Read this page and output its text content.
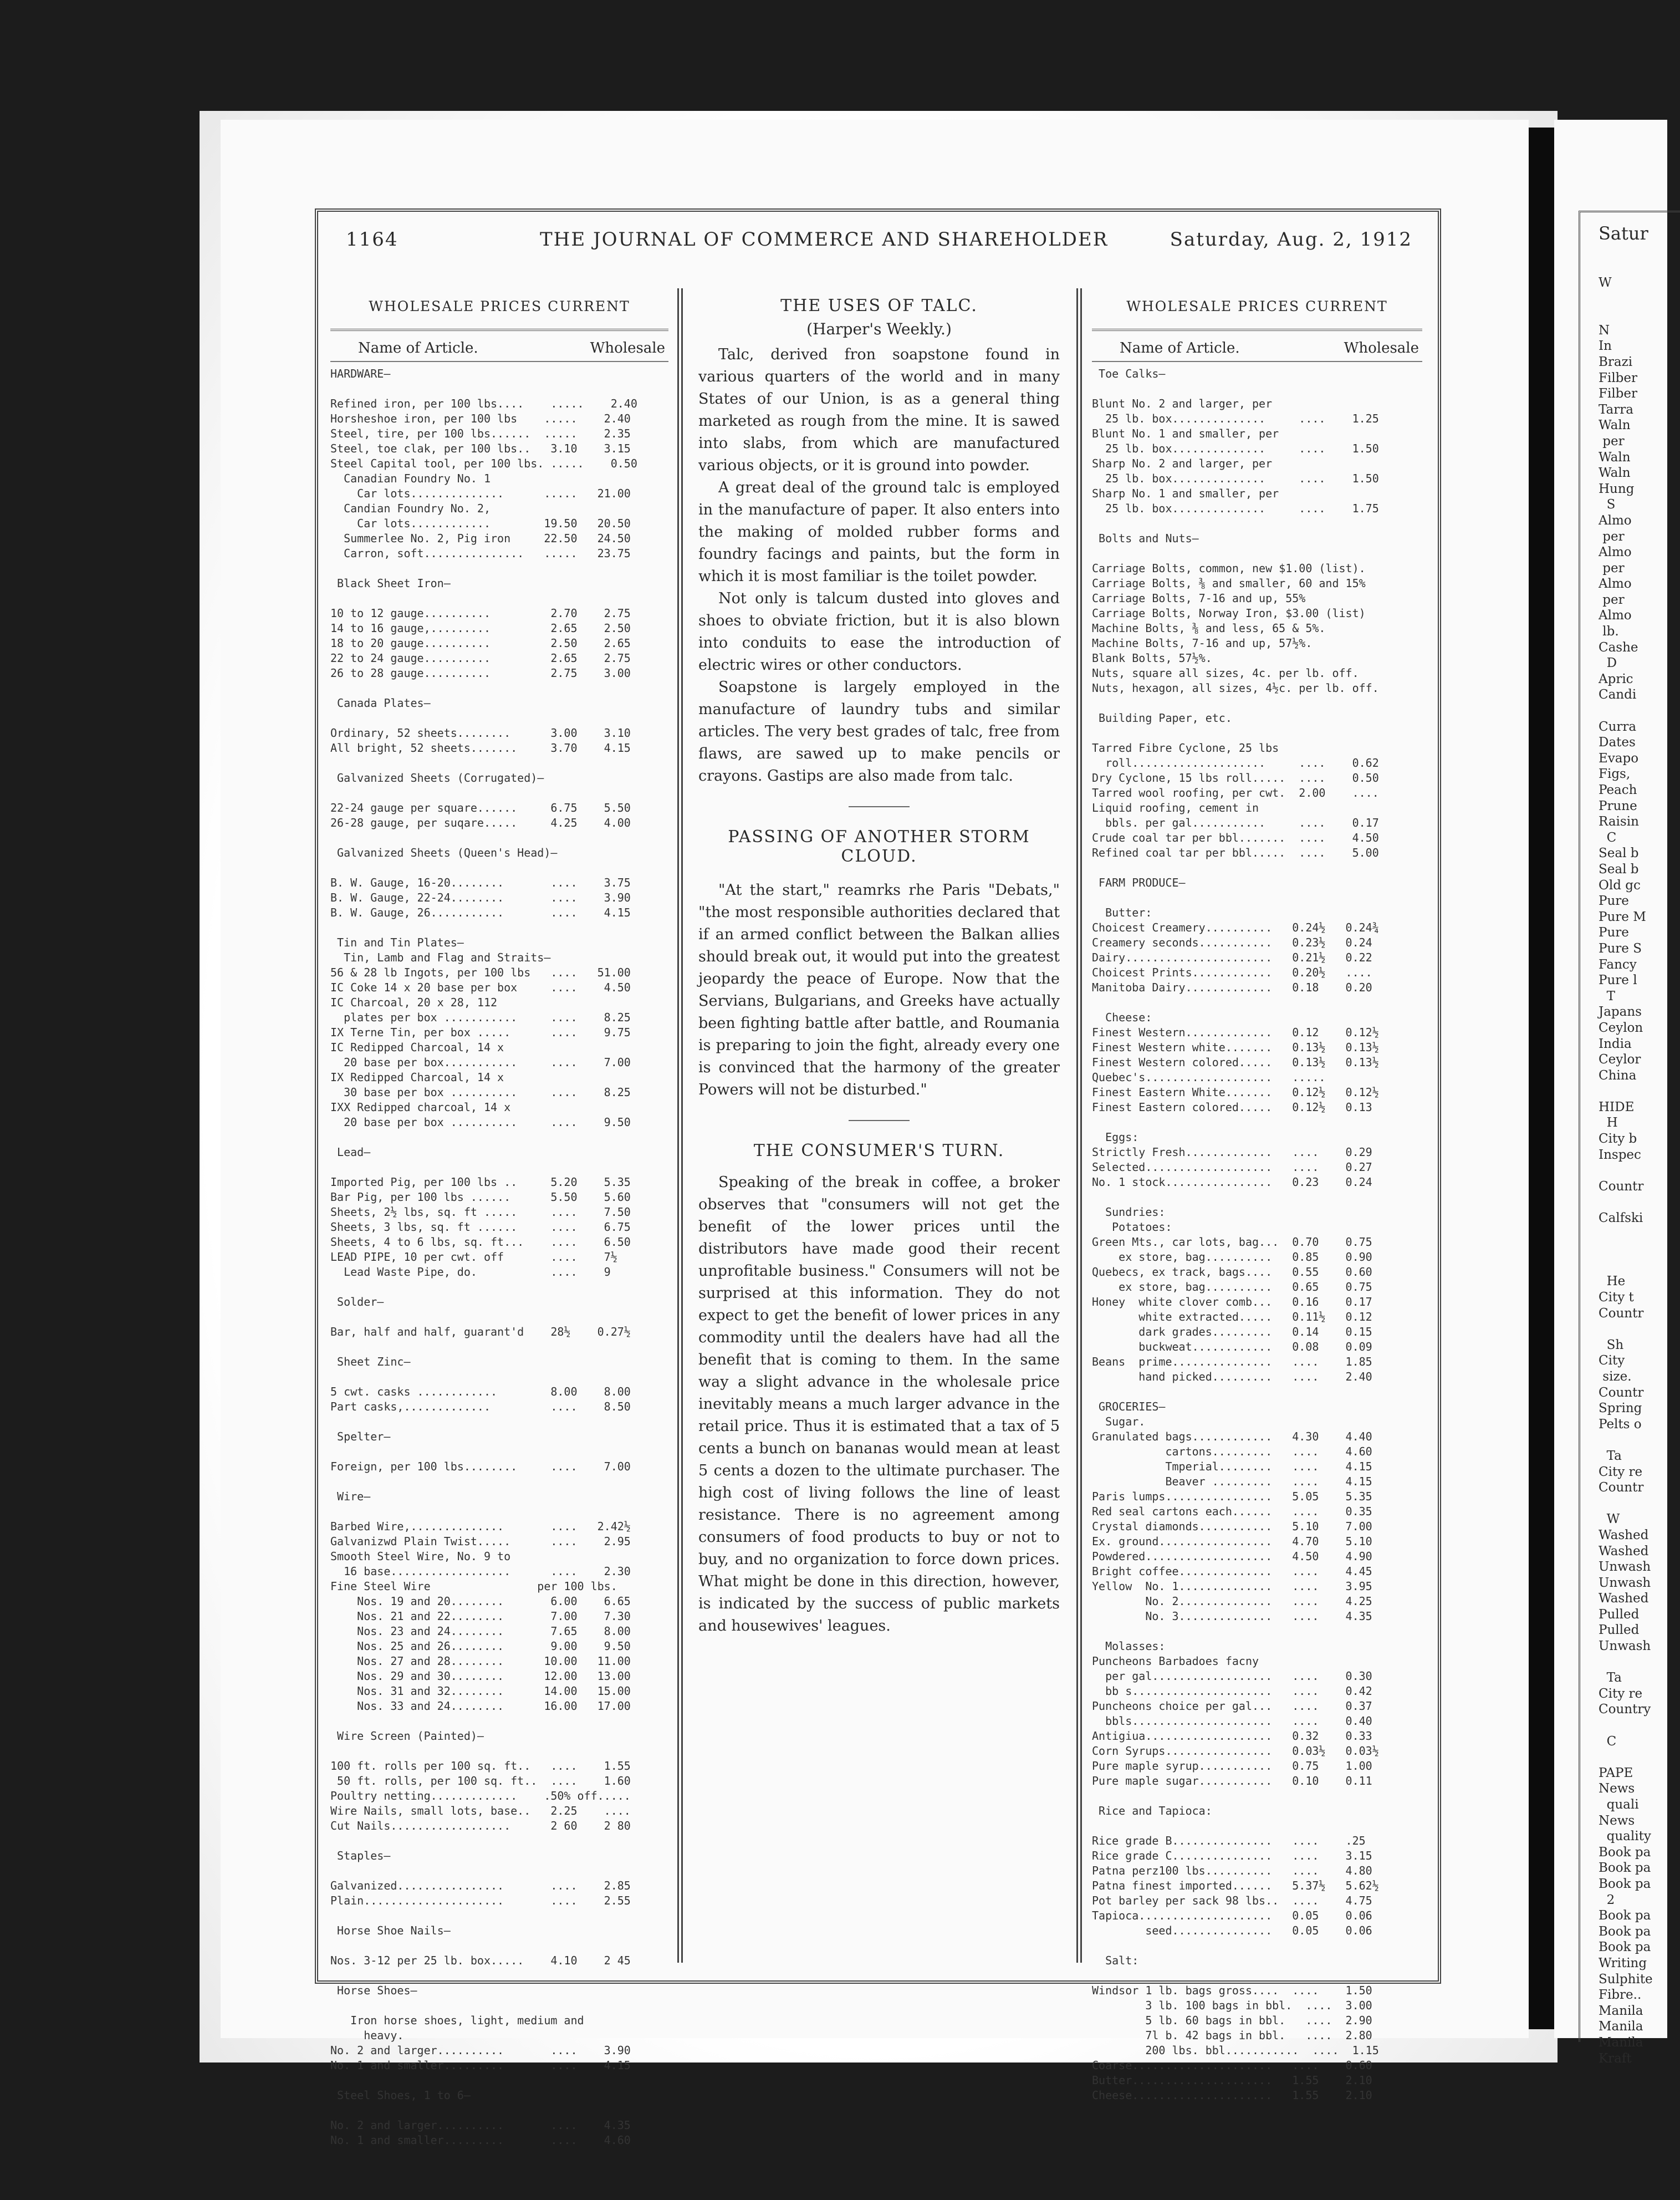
1164	THE JOURNAL OF COMMERCE AND SHAREHOLDER	Saturday, Aug. 2, 1912
WHOLESALE PRICES CURRENT
Name of Article.	Wholesale
HARDWARE—

Refined iron, per 100 lbs....    .....    2.40
Horsheshoe iron, per 100 lbs    .....    2.40
Steel, tire, per 100 lbs......  .....    2.35
Steel, toe clak, per 100 lbs..   3.10    3.15
Steel Capital tool, per 100 lbs. .....    0.50
Canadian Foundry No. 1
Car lots..............      .....   21.00
Candian Foundry No. 2,
Car lots............        19.50   20.50
Summerlee No. 2, Pig iron     22.50   24.50
Carron, soft...............   .....   23.75

Black Sheet Iron—

10 to 12 gauge..........         2.70    2.75
14 to 16 gauge,.........         2.65    2.50
18 to 20 gauge..........         2.50    2.65
22 to 24 gauge..........         2.65    2.75
26 to 28 gauge..........         2.75    3.00

Canada Plates—

Ordinary, 52 sheets........      3.00    3.10
All bright, 52 sheets.......     3.70    4.15

Galvanized Sheets (Corrugated)—

22-24 gauge per square......     6.75    5.50
26-28 gauge, per suqare.....     4.25    4.00

Galvanized Sheets (Queen's Head)—

B. W. Gauge, 16-20........       ....    3.75
B. W. Gauge, 22-24........       ....    3.90
B. W. Gauge, 26...........       ....    4.15

Tin and Tin Plates—
Tin, Lamb and Flag and Straits—
56 & 28 lb Ingots, per 100 lbs   ....   51.00
IC Coke 14 x 20 base per box     ....    4.50
IC Charcoal, 20 x 28, 112
plates per box ...........     ....    8.25
IX Terne Tin, per box .....      ....    9.75
IC Redipped Charcoal, 14 x
20 base per box...........     ....    7.00
IX Redipped Charcoal, 14 x
30 base per box ..........     ....    8.25
IXX Redipped charcoal, 14 x
20 base per box ..........     ....    9.50

Lead—

Imported Pig, per 100 lbs ..     5.20    5.35
Bar Pig, per 100 lbs ......      5.50    5.60
Sheets, 2½ lbs, sq. ft .....     ....    7.50
Sheets, 3 lbs, sq. ft ......     ....    6.75
Sheets, 4 to 6 lbs, sq. ft...    ....    6.50
LEAD PIPE, 10 per cwt. off       ....    7½
Lead Waste Pipe, do.           ....    9

Solder—

Bar, half and half, guarant'd    28½    0.27½

Sheet Zinc—

5 cwt. casks ............        8.00    8.00
Part casks,.............         ....    8.50

Spelter—

Foreign, per 100 lbs........     ....    7.00

Wire—

Barbed Wire,..............       ....   2.42½
Galvanizwd Plain Twist.....      ....    2.95
Smooth Steel Wire, No. 9 to
16 base..................      ....    2.30
Fine Steel Wire                per 100 lbs.
Nos. 19 and 20........       6.00    6.65
Nos. 21 and 22........       7.00    7.30
Nos. 23 and 24........       7.65    8.00
Nos. 25 and 26........       9.00    9.50
Nos. 27 and 28........      10.00   11.00
Nos. 29 and 30........      12.00   13.00
Nos. 31 and 32........      14.00   15.00
Nos. 33 and 24........      16.00   17.00

Wire Screen (Painted)—

100 ft. rolls per 100 sq. ft..   ....    1.55
50 ft. rolls, per 100 sq. ft..  ....    1.60
Poultry netting.............    .50% off.....
Wire Nails, small lots, base..   2.25    ....
Cut Nails..................      2 60    2 80

Staples—

Galvanized................       ....    2.85
Plain.....................       ....    2.55

Horse Shoe Nails—

Nos. 3-12 per 25 lb. box.....    4.10    2 45

Horse Shoes—

Iron horse shoes, light, medium and
heavy.
No. 2 and larger..........       ....    3.90
No. 1 and smaller.........       ....    4.15

Steel Shoes, 1 to 6—

No. 2 and larger..........       ....    4.35
No. 1 and smaller.........       ....    4.60
THE USES OF TALC.
(Harper's Weekly.)

Talc, derived fron soapstone found in various quarters of the world and in many States of our Union, is as a general thing marketed as rough from the mine. It is sawed into slabs, from which are manufactured various objects, or it is ground into powder.

A great deal of the ground talc is employed in the manufacture of paper. It also enters into the making of molded rubber forms and foundry facings and paints, but the form in which it is most familiar is the toilet powder.

Not only is talcum dusted into gloves and shoes to obviate friction, but it is also blown into conduits to ease the introduction of electric wires or other conductors.

Soapstone is largely employed in the manufacture of laundry tubs and similar articles. The very best grades of talc, free from flaws, are sawed up to make pencils or crayons. Gastips are also made from talc.

PASSING OF ANOTHER STORM CLOUD.

"At the start," reamrks rhe Paris "Debats," "the most responsible authorities declared that if an armed conflict between the Balkan allies should break out, it would put into the greatest jeopardy the peace of Europe. Now that the Servians, Bulgarians, and Greeks have actually been fighting battle after battle, and Roumania is preparing to join the fight, already every one is convinced that the harmony of the greater Powers will not be disturbed."

THE CONSUMER'S TURN.

Speaking of the break in coffee, a broker observes that "consumers will not get the benefit of the lower prices until the distributors have made good their recent unprofitable business." Consumers will not be surprised at this information. They do not expect to get the benefit of lower prices in any commodity until the dealers have had all the benefit that is coming to them. In the same way a slight advance in the wholesale price inevitably means a much larger advance in the retail price. Thus it is estimated that a tax of 5 cents a bunch on bananas would mean at least 5 cents a dozen to the ultimate purchaser. The high cost of living follows the line of least resistance. There is no agreement among consumers of food products to buy or not to buy, and no organization to force down prices. What might be done in this direction, however, is indicated by the success of public markets and housewives' leagues.

WHOLESALE PRICES CURRENT
Name of Article.	Wholesale
Toe Calks—

Blunt No. 2 and larger, per
25 lb. box..............     ....    1.25
Blunt No. 1 and smaller, per
25 lb. box..............     ....    1.50
Sharp No. 2 and larger, per
25 lb. box..............     ....    1.50
Sharp No. 1 and smaller, per
25 lb. box..............     ....    1.75

Bolts and Nuts—

Carriage Bolts, common, new $1.00 (list).
Carriage Bolts, ⅜ and smaller, 60 and 15%
Carriage Bolts, 7-16 and up, 55%
Carriage Bolts, Norway Iron, $3.00 (list)
Machine Bolts, ⅜ and less, 65 & 5%.
Machine Bolts, 7-16 and up, 57½%.
Blank Bolts, 57½%.
Nuts, square all sizes, 4c. per lb. off.
Nuts, hexagon, all sizes, 4½c. per lb. off.

Building Paper, etc.

Tarred Fibre Cyclone, 25 lbs
roll....................     ....    0.62
Dry Cyclone, 15 lbs roll.....  ....    0.50
Tarred wool roofing, per cwt.  2.00    ....
Liquid roofing, cement in
bbls. per gal...........     ....    0.17
Crude coal tar per bbl.......  ....    4.50
Refined coal tar per bbl.....  ....    5.00

FARM PRODUCE—

Butter:
Choicest Creamery..........   0.24½   0.24¾
Creamery seconds...........   0.23½   0.24
Dairy......................   0.21½   0.22
Choicest Prints............   0.20½   ....
Manitoba Dairy.............   0.18    0.20

Cheese:
Finest Western.............   0.12    0.12½
Finest Western white.......   0.13½   0.13½
Finest Western colored.....   0.13½   0.13½
Quebec's...................   .....
Finest Eastern White.......   0.12½   0.12½
Finest Eastern colored.....   0.12½   0.13

Eggs:
Strictly Fresh.............   ....    0.29
Selected...................   ....    0.27
No. 1 stock................   0.23    0.24

Sundries:
Potatoes:
Green Mts., car lots, bag...  0.70    0.75
ex store, bag..........   0.85    0.90
Quebecs, ex track, bags....   0.55    0.60
ex store, bag..........   0.65    0.75
Honey  white clover comb...   0.16    0.17
white extracted.....   0.11½   0.12
dark grades.........   0.14    0.15
buckweat............   0.08    0.09
Beans  prime...............   ....    1.85
hand picked.........   ....    2.40

GROCERIES—
Sugar.
Granulated bags............   4.30    4.40
cartons.........   ....    4.60
Tmperial........   ....    4.15
Beaver .........   ....    4.15
Paris lumps................   5.05    5.35
Red seal cartons each......   ....    0.35
Crystal diamonds...........   5.10    7.00
Ex. ground.................   4.70    5.10
Powdered...................   4.50    4.90
Bright coffee..............   ....    4.45
Yellow  No. 1..............   ....    3.95
No. 2..............   ....    4.25
No. 3..............   ....    4.35

Molasses:
Puncheons Barbadoes facny
per gal..................   ....    0.30
bb s.....................   ....    0.42
Puncheons choice per gal...   ....    0.37
bbls.....................   ....    0.40
Antigiua...................   0.32    0.33
Corn Syrups................   0.03½   0.03½
Pure maple syrup...........   0.75    1.00
Pure maple sugar...........   0.10    0.11

Rice and Tapioca:

Rice grade B...............   ....    .25
Rice grade C...............   ....    3.15
Patna perz100 lbs..........   ....    4.80
Patna finest imported......   5.37½   5.62½
Pot barley per sack 98 lbs..  ....    4.75
Tapioca....................   0.05    0.06
seed...............   0.05    0.06

Salt:

Windsor 1 lb. bags gross....  ....    1.50
3 lb. 100 bags in bbl.  ....  3.00
5 lb. 60 bags in bbl.   ....  2.90
7l b. 42 bags in bbl.   ....  2.80
200 lbs. bbl...........  ....  1.15
Coarse.....................   ....    0.60
Butter.....................   1.55    2.10
Cheese.....................   1.55    2.10
Satur
W

N
In
Brazi
Filber
Filber
Tarra
Waln
per
Waln
Waln
Hung
S
Almo
per
Almo
per
Almo
per
Almo
lb.
Cashe
D
Apric
Candi

Curra
Dates
Evapo
Figs,
Peach
Prune
Raisin
C
Seal b
Seal b
Old gc
Pure
Pure M
Pure
Pure S
Fancy
Pure l
T
Japans
Ceylon
India
Ceylor
China

HIDE
H
City b
Inspec

Countr

Calfski

He
City t
Countr

Sh
City
size.
Countr
Spring
Pelts o

Ta
City re
Countr

W
Washed
Washed
Unwash
Unwash
Washed
Pulled
Pulled
Unwash

Ta
City re
Country

C

PAPE
News
quali
News
quality
Book pa
Book pa
Book pa
2
Book pa
Book pa
Book pa
Writing
Sulphite
Fibre..
Manila
Manila
Manila
Kraft
